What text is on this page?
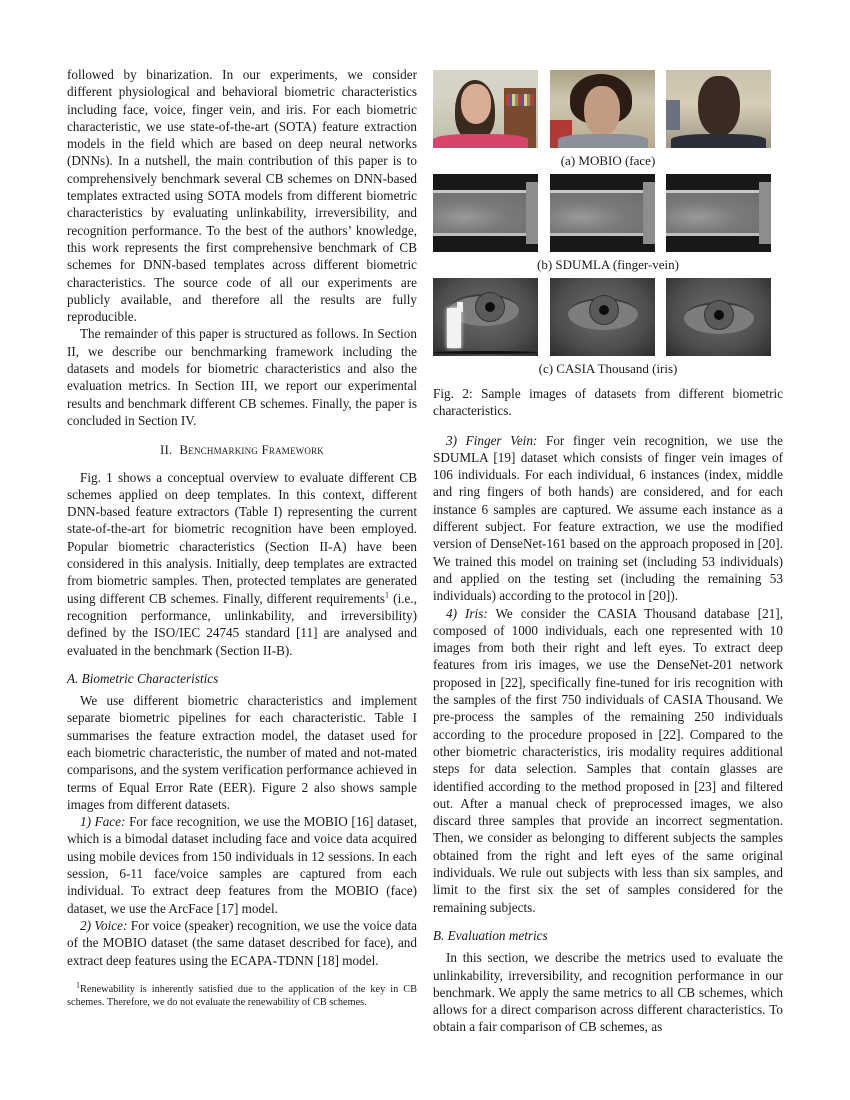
followed by binarization. In our experiments, we consider different physiological and behavioral biometric characteristics including face, voice, finger vein, and iris. For each biometric characteristic, we use state-of-the-art (SOTA) feature extraction models in the field which are based on deep neural networks (DNNs). In a nutshell, the main contribution of this paper is to comprehensively benchmark several CB schemes on DNN-based templates extracted using SOTA models from different biometric characteristics by evaluating unlinkability, irreversibility, and recognition performance. To the best of the authors’ knowledge, this work represents the first comprehensive benchmark of CB schemes for DNN-based templates across different biometric characteristics. The source code of all our experiments are publicly available, and therefore all the results are fully reproducible.

The remainder of this paper is structured as follows. In Section II, we describe our benchmarking framework including the datasets and models for biometric characteristics and also the evaluation metrics. In Section III, we report our experimental results and benchmark different CB schemes. Finally, the paper is concluded in Section IV.

II. Benchmarking Framework

Fig. 1 shows a conceptual overview to evaluate different CB schemes applied on deep templates. In this context, different DNN-based feature extractors (Table I) representing the current state-of-the-art for biometric recognition have been employed. Popular biometric characteristics (Section II-A) have been considered in this analysis. Initially, deep templates are extracted from biometric samples. Then, protected templates are generated using different CB schemes. Finally, different requirements$^1$ (i.e., recognition performance, unlinkability, and irreversibility) defined by the ISO/IEC 24745 standard [11] are analysed and evaluated in the benchmark (Section II-B).

A. Biometric Characteristics

We use different biometric characteristics and implement separate biometric pipelines for each characteristic. Table I summarises the feature extraction model, the dataset used for each biometric characteristic, the number of mated and not-mated comparisons, and the system verification performance achieved in terms of Equal Error Rate (EER). Figure 2 also shows sample images from different datasets.

1) Face: For face recognition, we use the MOBIO [16] dataset, which is a bimodal dataset including face and voice data acquired using mobile devices from 150 individuals in 12 sessions. In each session, 6-11 face/voice samples are captured from each individual. To extract deep features from the MOBIO (face) dataset, we use the ArcFace [17] model.

2) Voice: For voice (speaker) recognition, we use the voice data of the MOBIO dataset (the same dataset described for face), and extract deep features using the ECAPA-TDNN [18] model.

$^1$Renewability is inherently satisfied due to the application of the key in CB schemes. Therefore, we do not evaluate the renewability of CB schemes.

(a) MOBIO (face)
(b) SDUMLA (finger-vein)
(c) CASIA Thousand (iris)

Fig. 2: Sample images of datasets from different biometric characteristics.

3) Finger Vein: For finger vein recognition, we use the SDUMLA [19] dataset which consists of finger vein images of 106 individuals. For each individual, 6 instances (index, middle and ring fingers of both hands) are considered, and for each instance 6 samples are captured. We assume each instance as a different subject. For feature extraction, we use the modified version of DenseNet-161 based on the approach proposed in [20]. We trained this model on training set (including 53 individuals) and applied on the testing set (including the remaining 53 individuals) according to the protocol in [20]).

4) Iris: We consider the CASIA Thousand database [21], composed of 1000 individuals, each one represented with 10 images from both their right and left eyes. To extract deep features from iris images, we use the DenseNet-201 network proposed in [22], specifically fine-tuned for iris recognition with the samples of the first 750 individuals of CASIA Thousand. We pre-process the samples of the remaining 250 individuals according to the procedure proposed in [22]. Compared to the other biometric characteristics, iris modality requires additional steps for data selection. Samples that contain glasses are identified according to the method proposed in [23] and filtered out. After a manual check of preprocessed images, we also discard three samples that provide an incorrect segmentation. Then, we consider as belonging to different subjects the samples obtained from the right and left eyes of the same original individuals. We rule out subjects with less than six samples, and limit to the first six the set of samples considered for the remaining subjects.

B. Evaluation metrics

In this section, we describe the metrics used to evaluate the unlinkability, irreversibility, and recognition performance in our benchmark. We apply the same metrics to all CB schemes, which allows for a direct comparison across different characteristics. To obtain a fair comparison of CB schemes, as
